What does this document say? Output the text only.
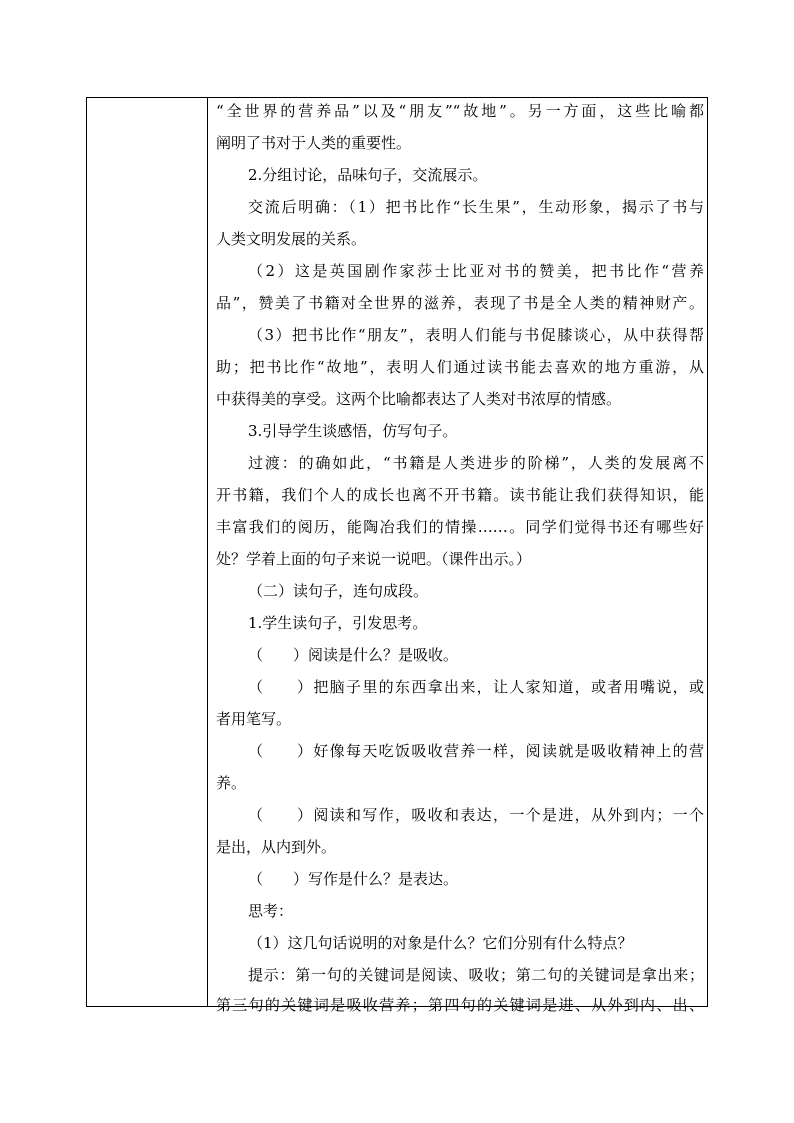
“全世界的营养品”以及“朋友”“故地”。另一方面，这些比喻都
阐明了书对于人类的重要性。
2.分组讨论，品味句子，交流展示。
交流后明确：（1）把书比作“长生果”，生动形象，揭示了书与
人类文明发展的关系。
（2）这是英国剧作家莎士比亚对书的赞美，把书比作“营养
品”，赞美了书籍对全世界的滋养，表现了书是全人类的精神财产。
（3）把书比作“朋友”，表明人们能与书促膝谈心，从中获得帮
助；把书比作“故地”，表明人们通过读书能去喜欢的地方重游，从
中获得美的享受。这两个比喻都表达了人类对书浓厚的情感。
3.引导学生谈感悟，仿写句子。
过渡：的确如此，“书籍是人类进步的阶梯”，人类的发展离不
开书籍，我们个人的成长也离不开书籍。读书能让我们获得知识，能
丰富我们的阅历，能陶冶我们的情操……。同学们觉得书还有哪些好
处？学着上面的句子来说一说吧。（课件出示。）
（二）读句子，连句成段。
1.学生读句子，引发思考。
（　　）阅读是什么？是吸收。
（　　）把脑子里的东西拿出来，让人家知道，或者用嘴说，或
者用笔写。
（　　）好像每天吃饭吸收营养一样，阅读就是吸收精神上的营
养。
（　　）阅读和写作，吸收和表达，一个是进，从外到内；一个
是出，从内到外。
（　　）写作是什么？是表达。
思考：
（1）这几句话说明的对象是什么？它们分别有什么特点？
提示：第一句的关键词是阅读、吸收；第二句的关键词是拿出来；
第三句的关键词是吸收营养；第四句的关键词是进、从外到内、出、
